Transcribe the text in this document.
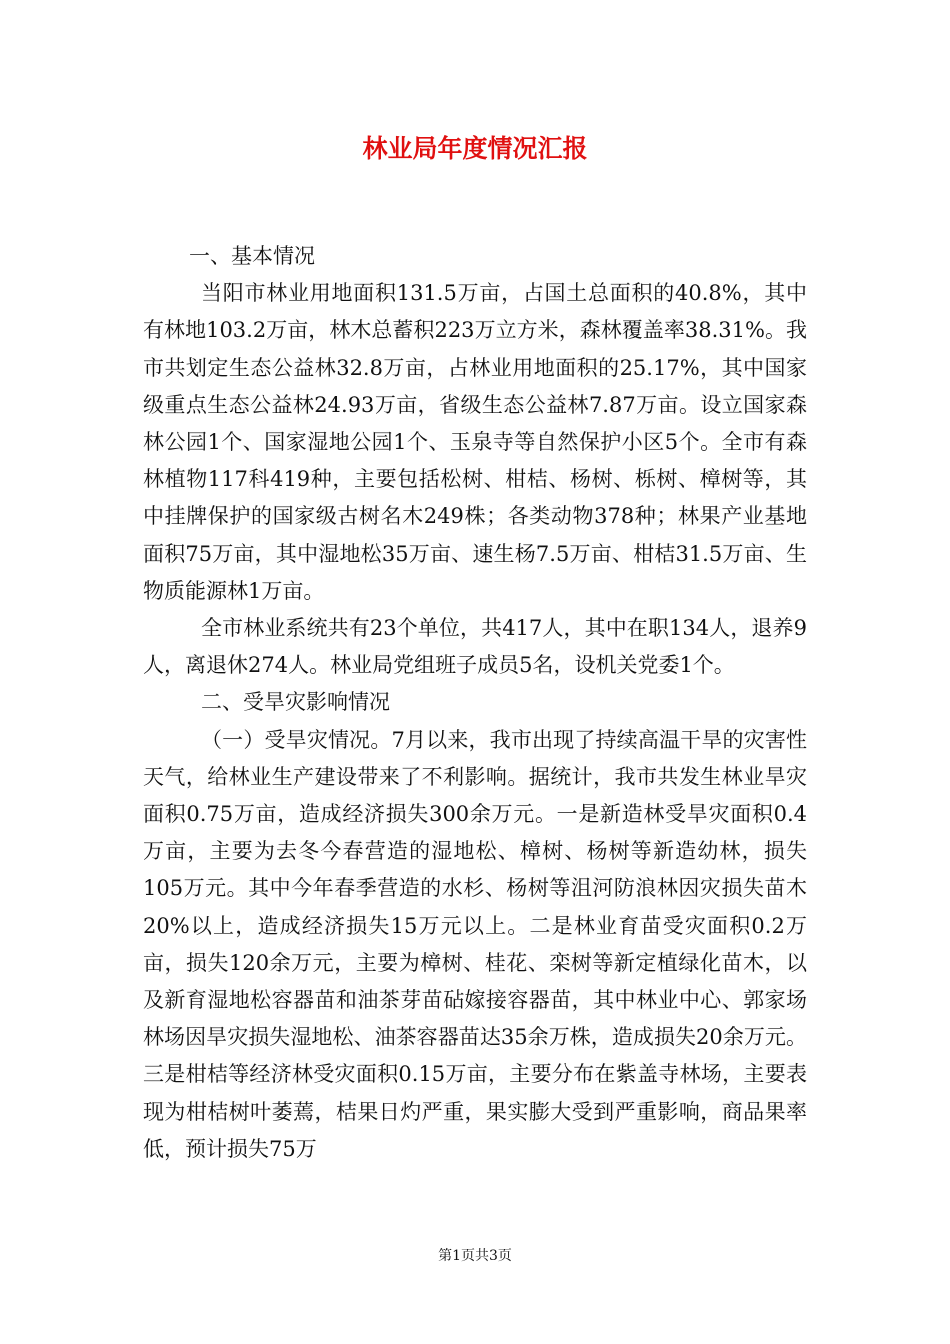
林业局年度情况汇报

一、基本情况

当阳市林业用地面积131.5万亩，占国土总面积的40.8%，其中有林地103.2万亩，林木总蓄积223万立方米，森林覆盖率38.31%。我市共划定生态公益林32.8万亩，占林业用地面积的25.17%，其中国家级重点生态公益林24.93万亩，省级生态公益林7.87万亩。设立国家森林公园1个、国家湿地公园1个、玉泉寺等自然保护小区5个。全市有森林植物117科419种，主要包括松树、柑桔、杨树、栎树、樟树等，其中挂牌保护的国家级古树名木249株；各类动物378种；林果产业基地面积75万亩，其中湿地松35万亩、速生杨7.5万亩、柑桔31.5万亩、生物质能源林1万亩。

全市林业系统共有23个单位，共417人，其中在职134人，退养9人，离退休274人。林业局党组班子成员5名，设机关党委1个。

二、受旱灾影响情况

（一）受旱灾情况。7月以来，我市出现了持续高温干旱的灾害性天气，给林业生产建设带来了不利影响。据统计，我市共发生林业旱灾面积0.75万亩，造成经济损失300余万元。一是新造林受旱灾面积0.4万亩，主要为去冬今春营造的湿地松、樟树、杨树等新造幼林，损失105万元。其中今年春季营造的水杉、杨树等沮河防浪林因灾损失苗木20%以上，造成经济损失15万元以上。二是林业育苗受灾面积0.2万亩，损失120余万元，主要为樟树、桂花、栾树等新定植绿化苗木，以及新育湿地松容器苗和油茶芽苗砧嫁接容器苗，其中林业中心、郭家场林场因旱灾损失湿地松、油茶容器苗达35余万株，造成损失20余万元。三是柑桔等经济林受灾面积0.15万亩，主要分布在紫盖寺林场，主要表现为柑桔树叶萎蔫，桔果日灼严重，果实膨大受到严重影响，商品果率低，预计损失75万

第1页共3页
